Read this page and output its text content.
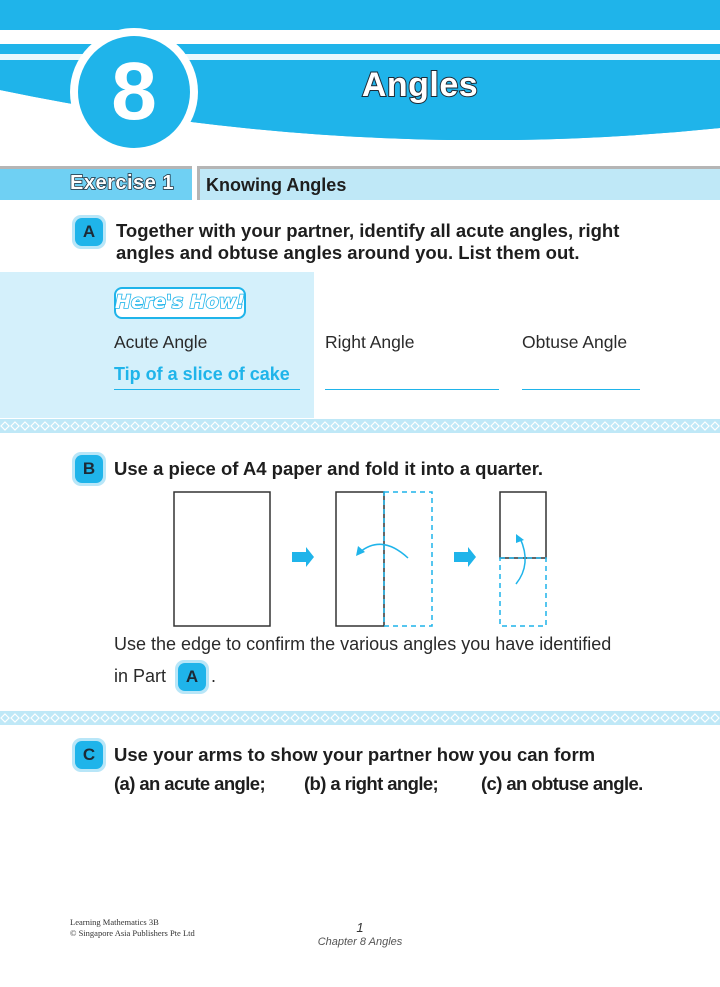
8	Angles
Exercise 1 Knowing Angles
A	Together with your partner, identify all acute angles, right
angles and obtuse angles around you. List them out.
Here's How!
Acute Angle	Right Angle	Obtuse Angle
Tip of a slice of cake
B	Use a piece of A4 paper and fold it into a quarter.
Use the edge to confirm the various angles you have identified
in Part	A .
C	Use your arms to show your partner how you can form
(a) an acute angle; (b) a right angle; (c) an obtuse angle.
Learning Mathematics 3B
© Singapore Asia Publishers Pte Ltd	1
Chapter 8 Angles
